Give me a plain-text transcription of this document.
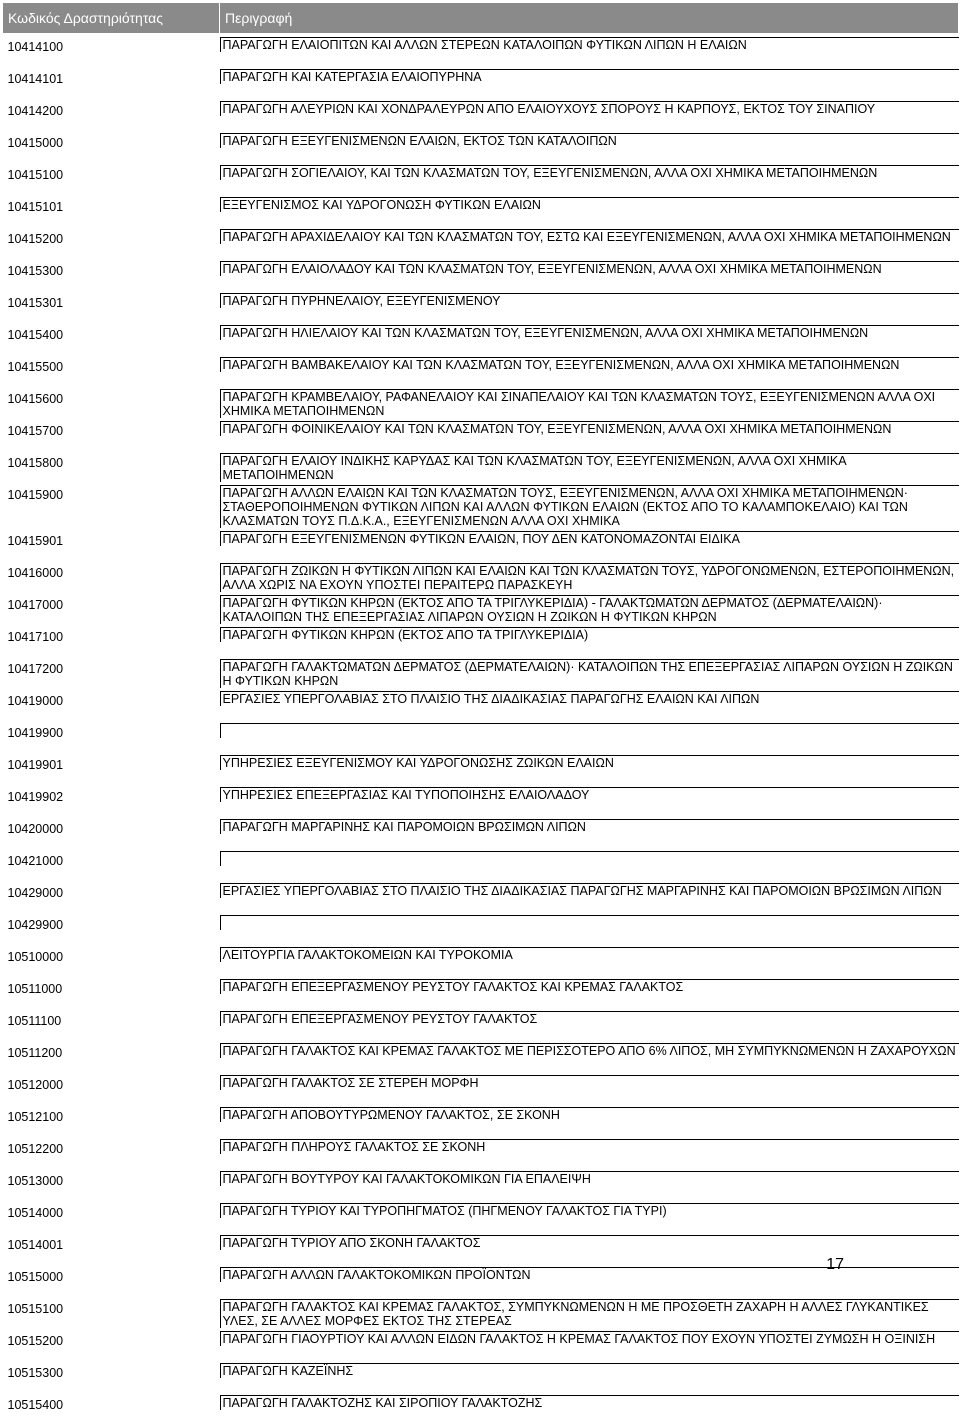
Κωδικός Δραστηριότητας	Περιγραφή
10414100	ΠΑΡΑΓΩΓΗ ΕΛΑΙΟΠΙΤΩΝ ΚΑΙ ΑΛΛΩΝ ΣΤΕΡΕΩΝ ΚΑΤΑΛΟΙΠΩΝ ΦΥΤΙΚΩΝ ΛΙΠΩΝ Η ΕΛΑΙΩΝ

10414101	ΠΑΡΑΓΩΓΗ ΚΑΙ ΚΑΤΕΡΓΑΣΙΑ ΕΛΑΙΟΠΥΡΗΝΑ

10414200	ΠΑΡΑΓΩΓΗ ΑΛΕΥΡΙΩΝ ΚΑΙ ΧΟΝΔΡΑΛΕΥΡΩΝ ΑΠΟ ΕΛΑΙΟΥΧΟΥΣ ΣΠΟΡΟΥΣ Η ΚΑΡΠΟΥΣ, ΕΚΤΟΣ ΤΟΥ ΣΙΝΑΠΙΟΥ

10415000	ΠΑΡΑΓΩΓΗ ΕΞΕΥΓΕΝΙΣΜΕΝΩΝ ΕΛΑΙΩΝ, ΕΚΤΟΣ ΤΩΝ ΚΑΤΑΛΟΙΠΩΝ

10415100	ΠΑΡΑΓΩΓΗ ΣΟΓΙΕΛΑΙΟΥ, ΚΑΙ ΤΩΝ ΚΛΑΣΜΑΤΩΝ ΤΟΥ, ΕΞΕΥΓΕΝΙΣΜΕΝΩΝ, ΑΛΛΑ ΟΧΙ ΧΗΜΙΚΑ ΜΕΤΑΠΟΙΗΜΕΝΩΝ

10415101	ΕΞΕΥΓΕΝΙΣΜΟΣ ΚΑΙ ΥΔΡΟΓΟΝΩΣΗ ΦΥΤΙΚΩΝ ΕΛΑΙΩΝ

10415200	ΠΑΡΑΓΩΓΗ ΑΡΑΧΙΔΕΛΑΙΟΥ ΚΑΙ ΤΩΝ ΚΛΑΣΜΑΤΩΝ ΤΟΥ, ΕΣΤΩ ΚΑΙ ΕΞΕΥΓΕΝΙΣΜΕΝΩΝ, ΑΛΛΑ ΟΧΙ ΧΗΜΙΚΑ ΜΕΤΑΠΟΙΗΜΕΝΩΝ

10415300	ΠΑΡΑΓΩΓΗ ΕΛΑΙΟΛΑΔΟΥ ΚΑΙ ΤΩΝ ΚΛΑΣΜΑΤΩΝ ΤΟΥ, ΕΞΕΥΓΕΝΙΣΜΕΝΩΝ, ΑΛΛΑ ΟΧΙ ΧΗΜΙΚΑ ΜΕΤΑΠΟΙΗΜΕΝΩΝ

10415301	ΠΑΡΑΓΩΓΗ ΠΥΡΗΝΕΛΑΙΟΥ, ΕΞΕΥΓΕΝΙΣΜΕΝΟΥ

10415400	ΠΑΡΑΓΩΓΗ ΗΛΙΕΛΑΙΟΥ ΚΑΙ ΤΩΝ ΚΛΑΣΜΑΤΩΝ ΤΟΥ, ΕΞΕΥΓΕΝΙΣΜΕΝΩΝ, ΑΛΛΑ ΟΧΙ ΧΗΜΙΚΑ ΜΕΤΑΠΟΙΗΜΕΝΩΝ

10415500	ΠΑΡΑΓΩΓΗ ΒΑΜΒΑΚΕΛΑΙΟΥ ΚΑΙ ΤΩΝ ΚΛΑΣΜΑΤΩΝ ΤΟΥ, ΕΞΕΥΓΕΝΙΣΜΕΝΩΝ, ΑΛΛΑ ΟΧΙ ΧΗΜΙΚΑ ΜΕΤΑΠΟΙΗΜΕΝΩΝ

10415600	ΠΑΡΑΓΩΓΗ ΚΡΑΜΒΕΛΑΙΟΥ, ΡΑΦΑΝΕΛΑΙΟΥ ΚΑΙ ΣΙΝΑΠΕΛΑΙΟΥ ΚΑΙ ΤΩΝ ΚΛΑΣΜΑΤΩΝ ΤΟΥΣ, ΕΞΕΥΓΕΝΙΣΜΕΝΩΝ ΑΛΛΑ ΟΧΙ ΧΗΜΙΚΑ ΜΕΤΑΠΟΙΗΜΕΝΩΝ

10415700	ΠΑΡΑΓΩΓΗ ΦΟΙΝΙΚΕΛΑΙΟΥ ΚΑΙ ΤΩΝ ΚΛΑΣΜΑΤΩΝ ΤΟΥ, ΕΞΕΥΓΕΝΙΣΜΕΝΩΝ, ΑΛΛΑ ΟΧΙ ΧΗΜΙΚΑ ΜΕΤΑΠΟΙΗΜΕΝΩΝ

10415800	ΠΑΡΑΓΩΓΗ ΕΛΑΙΟΥ ΙΝΔΙΚΗΣ ΚΑΡΥΔΑΣ ΚΑΙ ΤΩΝ ΚΛΑΣΜΑΤΩΝ ΤΟΥ, ΕΞΕΥΓΕΝΙΣΜΕΝΩΝ, ΑΛΛΑ ΟΧΙ ΧΗΜΙΚΑ ΜΕΤΑΠΟΙΗΜΕΝΩΝ

10415900	ΠΑΡΑΓΩΓΗ ΑΛΛΩΝ ΕΛΑΙΩΝ ΚΑΙ ΤΩΝ ΚΛΑΣΜΑΤΩΝ ΤΟΥΣ, ΕΞΕΥΓΕΝΙΣΜΕΝΩΝ, ΑΛΛΑ ΟΧΙ ΧΗΜΙΚΑ ΜΕΤΑΠΟΙΗΜΕΝΩΝ· ΣΤΑΘΕΡΟΠΟΙΗΜΕΝΩΝ ΦΥΤΙΚΩΝ ΛΙΠΩΝ ΚΑΙ ΑΛΛΩΝ ΦΥΤΙΚΩΝ ΕΛΑΙΩΝ (ΕΚΤΟΣ ΑΠΟ ΤΟ ΚΑΛΑΜΠΟΚΕΛΑΙΟ) ΚΑΙ ΤΩΝ ΚΛΑΣΜΑΤΩΝ ΤΟΥΣ Π.Δ.Κ.Α., ΕΞΕΥΓΕΝΙΣΜΕΝΩΝ ΑΛΛΑ ΟΧΙ ΧΗΜΙΚΑ

10415901	ΠΑΡΑΓΩΓΗ ΕΞΕΥΓΕΝΙΣΜΕΝΩΝ ΦΥΤΙΚΩΝ ΕΛΑΙΩΝ, ΠΟΥ ΔΕΝ ΚΑΤΟΝΟΜΑΖΟΝΤΑΙ ΕΙΔΙΚΑ

10416000	ΠΑΡΑΓΩΓΗ ΖΩΙΚΩΝ Η ΦΥΤΙΚΩΝ ΛΙΠΩΝ ΚΑΙ ΕΛΑΙΩΝ ΚΑΙ ΤΩΝ ΚΛΑΣΜΑΤΩΝ ΤΟΥΣ, ΥΔΡΟΓΟΝΩΜΕΝΩΝ, ΕΣΤΕΡΟΠΟΙΗΜΕΝΩΝ, ΑΛΛΑ ΧΩΡΙΣ ΝΑ ΕΧΟΥΝ ΥΠΟΣΤΕΙ ΠΕΡΑΙΤΕΡΩ ΠΑΡΑΣΚΕΥΗ

10417000	ΠΑΡΑΓΩΓΗ ΦΥΤΙΚΩΝ ΚΗΡΩΝ (ΕΚΤΟΣ ΑΠΟ ΤΑ ΤΡΙΓΛΥΚΕΡΙΔΙΑ) - ΓΑΛΑΚΤΩΜΑΤΩΝ ΔΕΡΜΑΤΟΣ (ΔΕΡΜΑΤΕΛΑΙΩΝ)· ΚΑΤΑΛΟΙΠΩΝ ΤΗΣ ΕΠΕΞΕΡΓΑΣΙΑΣ ΛΙΠΑΡΩΝ ΟΥΣΙΩΝ Η ΖΩΙΚΩΝ Η ΦΥΤΙΚΩΝ ΚΗΡΩΝ

10417100	ΠΑΡΑΓΩΓΗ ΦΥΤΙΚΩΝ ΚΗΡΩΝ (ΕΚΤΟΣ ΑΠΟ ΤΑ ΤΡΙΓΛΥΚΕΡΙΔΙΑ)

10417200	ΠΑΡΑΓΩΓΗ ΓΑΛΑΚΤΩΜΑΤΩΝ ΔΕΡΜΑΤΟΣ (ΔΕΡΜΑΤΕΛΑΙΩΝ)· ΚΑΤΑΛΟΙΠΩΝ ΤΗΣ ΕΠΕΞΕΡΓΑΣΙΑΣ ΛΙΠΑΡΩΝ ΟΥΣΙΩΝ Η ΖΩΙΚΩΝ Η ΦΥΤΙΚΩΝ ΚΗΡΩΝ

10419000	ΕΡΓΑΣΙΕΣ ΥΠΕΡΓΟΛΑΒΙΑΣ ΣΤΟ ΠΛΑΙΣΙΟ ΤΗΣ ΔΙΑΔΙΚΑΣΙΑΣ ΠΑΡΑΓΩΓΗΣ ΕΛΑΙΩΝ ΚΑΙ ΛΙΠΩΝ

10419900	

10419901	ΥΠΗΡΕΣΙΕΣ ΕΞΕΥΓΕΝΙΣΜΟΥ ΚΑΙ ΥΔΡΟΓΟΝΩΣΗΣ ΖΩΙΚΩΝ ΕΛΑΙΩΝ

10419902	ΥΠΗΡΕΣΙΕΣ ΕΠΕΞΕΡΓΑΣΙΑΣ ΚΑΙ ΤΥΠΟΠΟΙΗΣΗΣ ΕΛΑΙΟΛΑΔΟΥ

10420000	ΠΑΡΑΓΩΓΗ ΜΑΡΓΑΡΙΝΗΣ ΚΑΙ ΠΑΡΟΜΟΙΩΝ ΒΡΩΣΙΜΩΝ ΛΙΠΩΝ

10421000	

10429000	ΕΡΓΑΣΙΕΣ ΥΠΕΡΓΟΛΑΒΙΑΣ ΣΤΟ ΠΛΑΙΣΙΟ ΤΗΣ ΔΙΑΔΙΚΑΣΙΑΣ ΠΑΡΑΓΩΓΗΣ ΜΑΡΓΑΡΙΝΗΣ ΚΑΙ ΠΑΡΟΜΟΙΩΝ ΒΡΩΣΙΜΩΝ ΛΙΠΩΝ

10429900	

10510000	ΛΕΙΤΟΥΡΓΙΑ ΓΑΛΑΚΤΟΚΟΜΕΙΩΝ ΚΑΙ ΤΥΡΟΚΟΜΙΑ

10511000	ΠΑΡΑΓΩΓΗ ΕΠΕΞΕΡΓΑΣΜΕΝΟΥ ΡΕΥΣΤΟΥ ΓΑΛΑΚΤΟΣ ΚΑΙ ΚΡΕΜΑΣ ΓΑΛΑΚΤΟΣ

10511100	ΠΑΡΑΓΩΓΗ ΕΠΕΞΕΡΓΑΣΜΕΝΟΥ ΡΕΥΣΤΟΥ ΓΑΛΑΚΤΟΣ

10511200	ΠΑΡΑΓΩΓΗ ΓΑΛΑΚΤΟΣ ΚΑΙ ΚΡΕΜΑΣ ΓΑΛΑΚΤΟΣ ΜΕ ΠΕΡΙΣΣΟΤΕΡΟ ΑΠΟ 6% ΛΙΠΟΣ, ΜΗ ΣΥΜΠΥΚΝΩΜΕΝΩΝ Η ΖΑΧΑΡΟΥΧΩΝ

10512000	ΠΑΡΑΓΩΓΗ ΓΑΛΑΚΤΟΣ ΣΕ ΣΤΕΡΕΗ ΜΟΡΦΗ

10512100	ΠΑΡΑΓΩΓΗ ΑΠΟΒΟΥΤΥΡΩΜΕΝΟΥ ΓΑΛΑΚΤΟΣ, ΣΕ ΣΚΟΝΗ

10512200	ΠΑΡΑΓΩΓΗ ΠΛΗΡΟΥΣ ΓΑΛΑΚΤΟΣ ΣΕ ΣΚΟΝΗ

10513000	ΠΑΡΑΓΩΓΗ ΒΟΥΤΥΡΟΥ ΚΑΙ ΓΑΛΑΚΤΟΚΟΜΙΚΩΝ ΓΙΑ ΕΠΑΛΕΙΨΗ

10514000	ΠΑΡΑΓΩΓΗ ΤΥΡΙΟΥ ΚΑΙ ΤΥΡΟΠΗΓΜΑΤΟΣ (ΠΗΓΜΕΝΟΥ ΓΑΛΑΚΤΟΣ ΓΙΑ ΤΥΡΙ)

10514001	ΠΑΡΑΓΩΓΗ ΤΥΡΙΟΥ ΑΠΟ ΣΚΟΝΗ ΓΑΛΑΚΤΟΣ

10515000	ΠΑΡΑΓΩΓΗ ΑΛΛΩΝ ΓΑΛΑΚΤΟΚΟΜΙΚΩΝ ΠΡΟΪΟΝΤΩΝ

10515100	ΠΑΡΑΓΩΓΗ ΓΑΛΑΚΤΟΣ ΚΑΙ ΚΡΕΜΑΣ ΓΑΛΑΚΤΟΣ, ΣΥΜΠΥΚΝΩΜΕΝΩΝ Η ΜΕ ΠΡΟΣΘΕΤΗ ΖΑΧΑΡΗ Η ΑΛΛΕΣ ΓΛΥΚΑΝΤΙΚΕΣ ΥΛΕΣ, ΣΕ ΑΛΛΕΣ ΜΟΡΦΕΣ ΕΚΤΟΣ ΤΗΣ ΣΤΕΡΕΑΣ

10515200	ΠΑΡΑΓΩΓΗ ΓΙΑΟΥΡΤΙΟΥ ΚΑΙ ΑΛΛΩΝ ΕΙΔΩΝ ΓΑΛΑΚΤΟΣ Η ΚΡΕΜΑΣ ΓΑΛΑΚΤΟΣ ΠΟΥ ΕΧΟΥΝ ΥΠΟΣΤΕΙ ΖΥΜΩΣΗ Η ΟΞΙΝΙΣΗ

10515300	ΠΑΡΑΓΩΓΗ ΚΑΖΕΪΝΗΣ

10515400	ΠΑΡΑΓΩΓΗ ΓΑΛΑΚΤΟΖΗΣ ΚΑΙ ΣΙΡΟΠΙΟΥ ΓΑΛΑΚΤΟΖΗΣ
17
